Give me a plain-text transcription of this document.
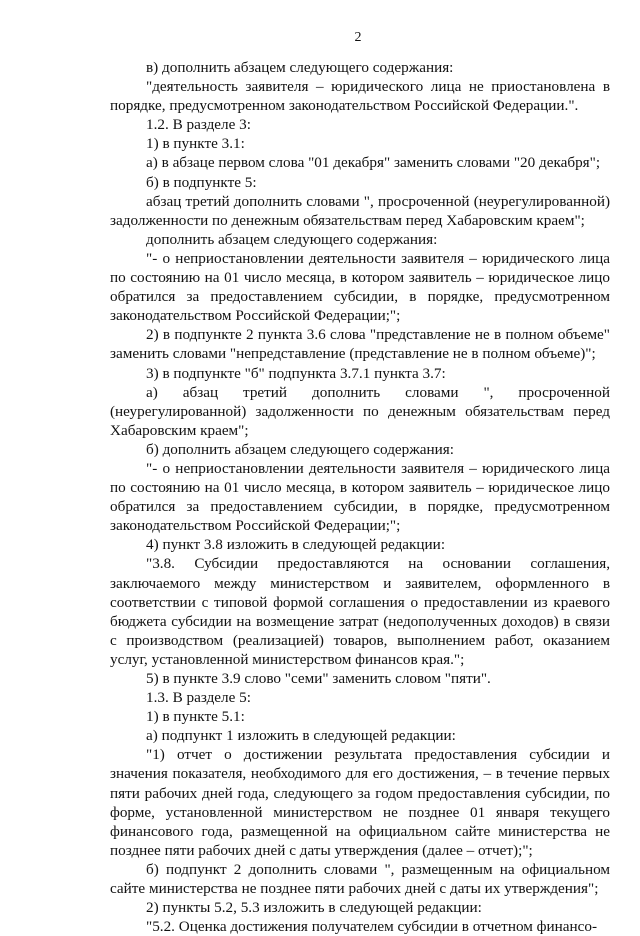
2

в) дополнить абзацем следующего содержания:

"деятельность заявителя – юридического лица не приостановлена в порядке, предусмотренном законодательством Российской Федерации.".

1.2. В разделе 3:

1) в пункте 3.1:

а) в абзаце первом слова "01 декабря" заменить словами "20 декабря";

б) в подпункте 5:

абзац третий дополнить словами ", просроченной (неурегулированной) задолженности по денежным обязательствам перед Хабаровским краем";

дополнить абзацем следующего содержания:

"- о неприостановлении деятельности заявителя – юридического лица по состоянию на 01 число месяца, в котором заявитель – юридическое лицо обратился за предоставлением субсидии, в порядке, предусмотренном законодательством Российской Федерации;";

2) в подпункте 2 пункта 3.6 слова "представление не в полном объеме" заменить словами "непредставление (представление не в полном объеме)";

3) в подпункте "б" подпункта 3.7.1 пункта 3.7:

а) абзац третий дополнить словами ", просроченной (неурегулированной) задолженности по денежным обязательствам перед Хабаровским краем";

б) дополнить абзацем следующего содержания:

"- о неприостановлении деятельности заявителя – юридического лица по состоянию на 01 число месяца, в котором заявитель – юридическое лицо обратился за предоставлением субсидии, в порядке, предусмотренном законодательством Российской Федерации;";

4) пункт 3.8 изложить в следующей редакции:

"3.8. Субсидии предоставляются на основании соглашения, заключаемого между министерством и заявителем, оформленного в соответствии с типовой формой соглашения о предоставлении из краевого бюджета субсидии на возмещение затрат (недополученных доходов) в связи с производством (реализацией) товаров, выполнением работ, оказанием услуг, установленной министерством финансов края.";

5) в пункте 3.9 слово "семи" заменить словом "пяти".

1.3. В разделе 5:

1) в пункте 5.1:

а) подпункт 1 изложить в следующей редакции:

"1) отчет о достижении результата предоставления субсидии и значения показателя, необходимого для его достижения, – в течение первых пяти рабочих дней года, следующего за годом предоставления субсидии, по форме, установленной министерством не позднее 01 января текущего финансового года, размещенной на официальном сайте министерства не позднее пяти рабочих дней с даты утверждения (далее – отчет);";

б) подпункт 2 дополнить словами ", размещенным на официальном сайте министерства не позднее пяти рабочих дней с даты их утверждения";

2) пункты 5.2, 5.3 изложить в следующей редакции:

"5.2. Оценка достижения получателем субсидии в отчетном финансо-
